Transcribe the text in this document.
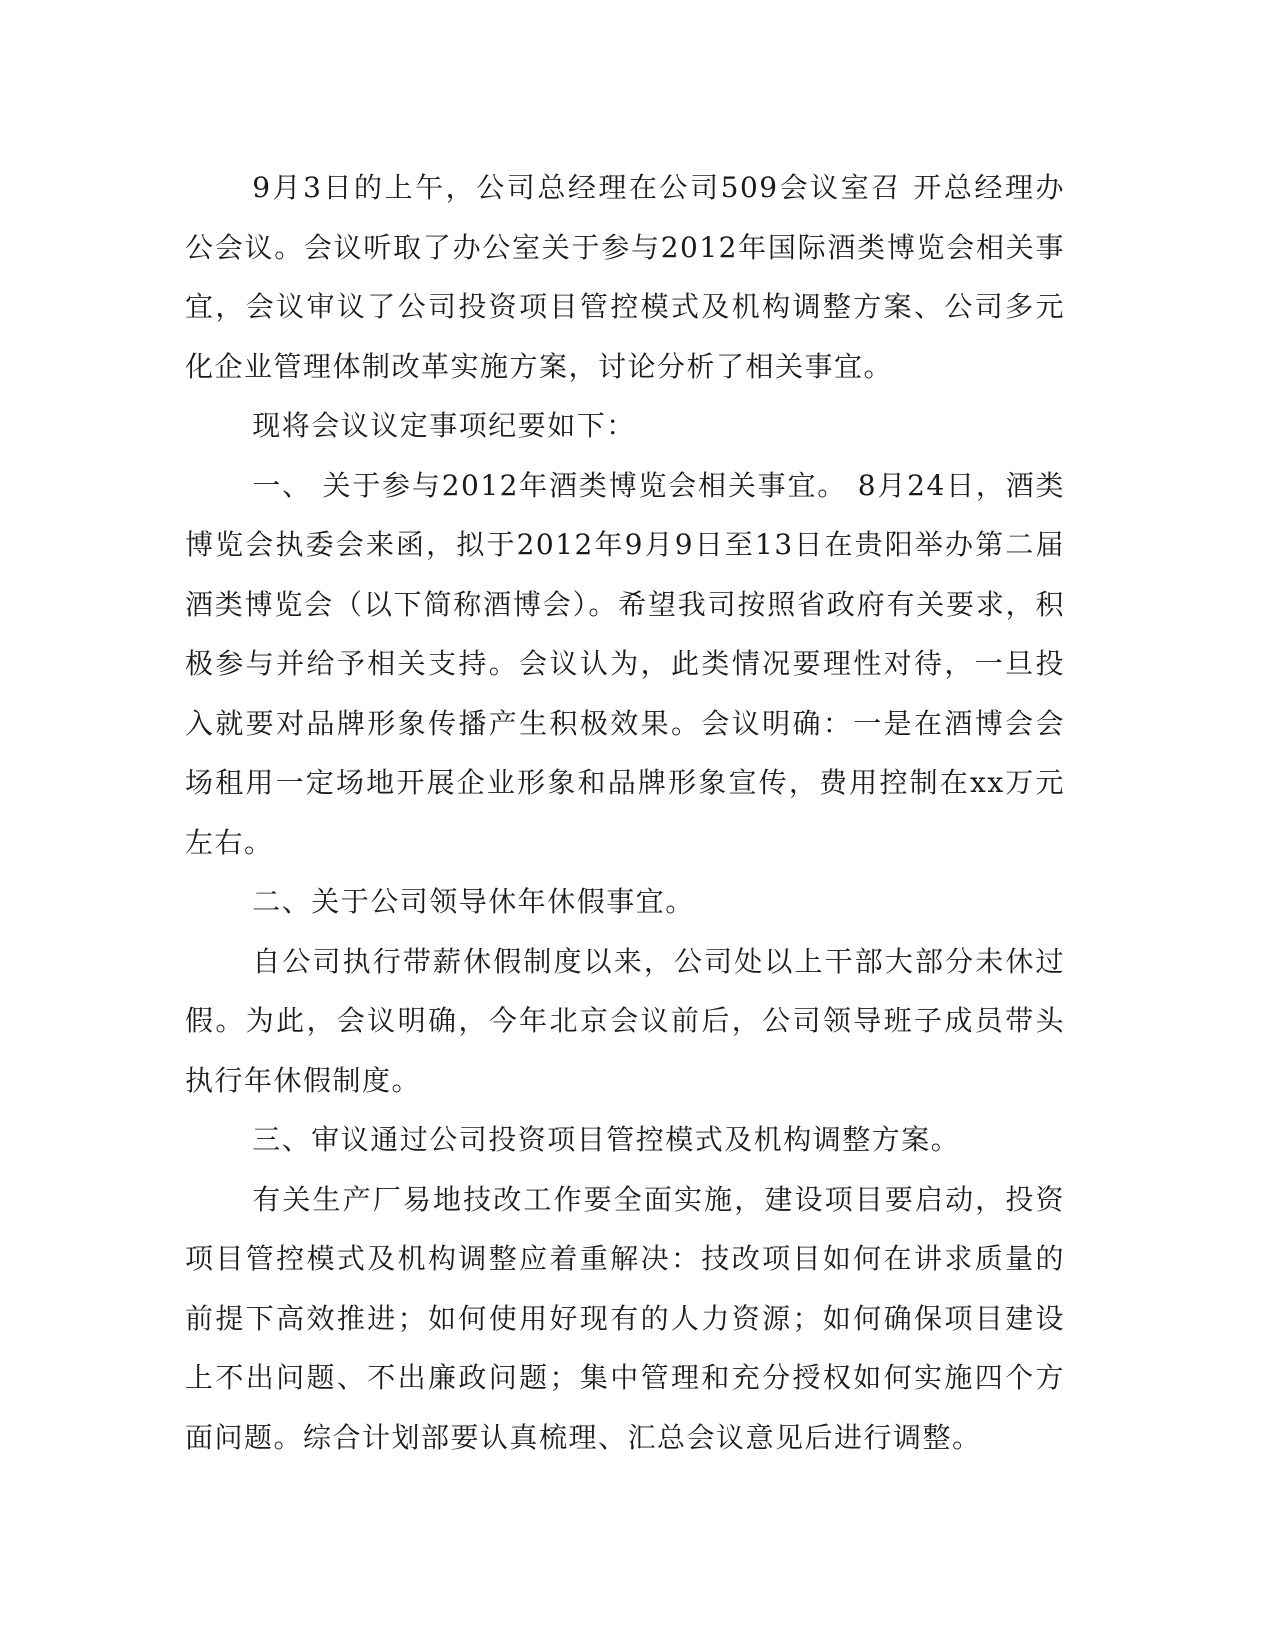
9月3日的上午，公司总经理在公司509会议室召 开总经理办公会议。会议听取了办公室关于参与2012年国际酒类博览会相关事宜，会议审议了公司投资项目管控模式及机构调整方案、公司多元化企业管理体制改革实施方案，讨论分析了相关事宜。

现将会议议定事项纪要如下：

一、 关于参与2012年酒类博览会相关事宜。 8月24日，酒类博览会执委会来函，拟于2012年9月9日至13日在贵阳举办第二届酒类博览会（以下简称酒博会）。希望我司按照省政府有关要求，积极参与并给予相关支持。会议认为，此类情况要理性对待，一旦投入就要对品牌形象传播产生积极效果。会议明确：一是在酒博会会场租用一定场地开展企业形象和品牌形象宣传，费用控制在xx万元左右。

二、关于公司领导休年休假事宜。

自公司执行带薪休假制度以来，公司处以上干部大部分未休过假。为此，会议明确，今年北京会议前后，公司领导班子成员带头执行年休假制度。

三、审议通过公司投资项目管控模式及机构调整方案。

有关生产厂易地技改工作要全面实施，建设项目要启动，投资项目管控模式及机构调整应着重解决：技改项目如何在讲求质量的前提下高效推进；如何使用好现有的人力资源；如何确保项目建设上不出问题、不出廉政问题；集中管理和充分授权如何实施四个方面问题。综合计划部要认真梳理、汇总会议意见后进行调整。
